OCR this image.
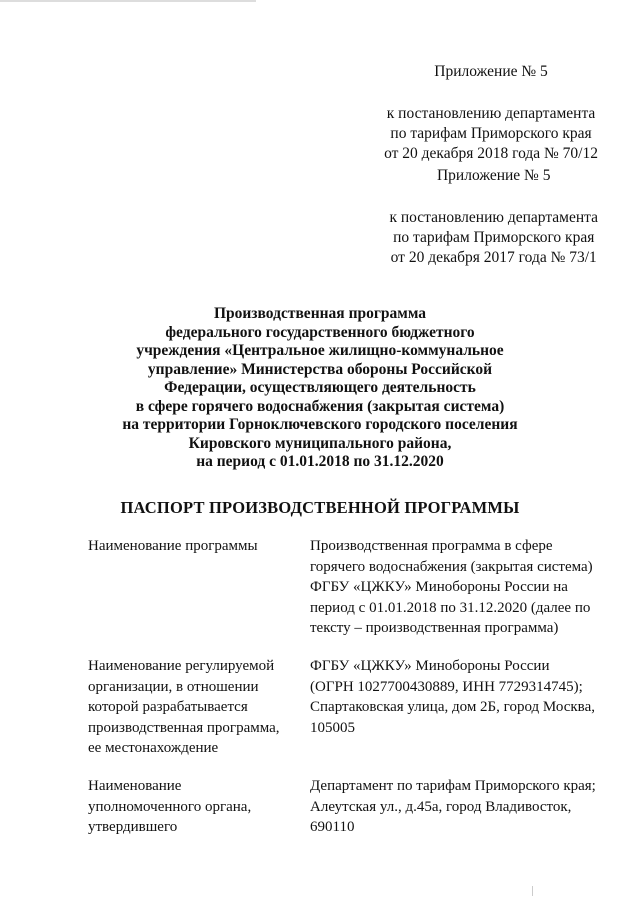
Приложение № 5
к постановлению департамента
по тарифам Приморского края
от 20 декабря 2018 года № 70/12
Приложение № 5
к постановлению департамента
по тарифам Приморского края
от 20 декабря 2017 года № 73/1
Производственная программа
федерального государственного бюджетного
учреждения «Центральное жилищно-коммунальное
управление» Министерства обороны Российской
Федерации, осуществляющего деятельность
в сфере горячего водоснабжения (закрытая система)
на территории Горноключевского городского поселения
Кировского муниципального района,
на период с 01.01.2018 по 31.12.2020
ПАСПОРТ ПРОИЗВОДСТВЕННОЙ ПРОГРАММЫ
Наименование программы	Производственная программа в сфере
горячего водоснабжения (закрытая система)
ФГБУ «ЦЖКУ» Минобороны России на
период с 01.01.2018 по 31.12.2020 (далее по
тексту – производственная программа)
Наименование регулируемой
организации, в отношении
которой разрабатывается
производственная программа,
ее местонахождение
ФГБУ «ЦЖКУ» Минобороны России
(ОГРН 1027700430889, ИНН 7729314745);
Спартаковская улица, дом 2Б, город Москва,
105005
Наименование
уполномоченного органа,
утвердившего
Департамент по тарифам Приморского края;
Алеутская ул., д.45а, город Владивосток,
690110
